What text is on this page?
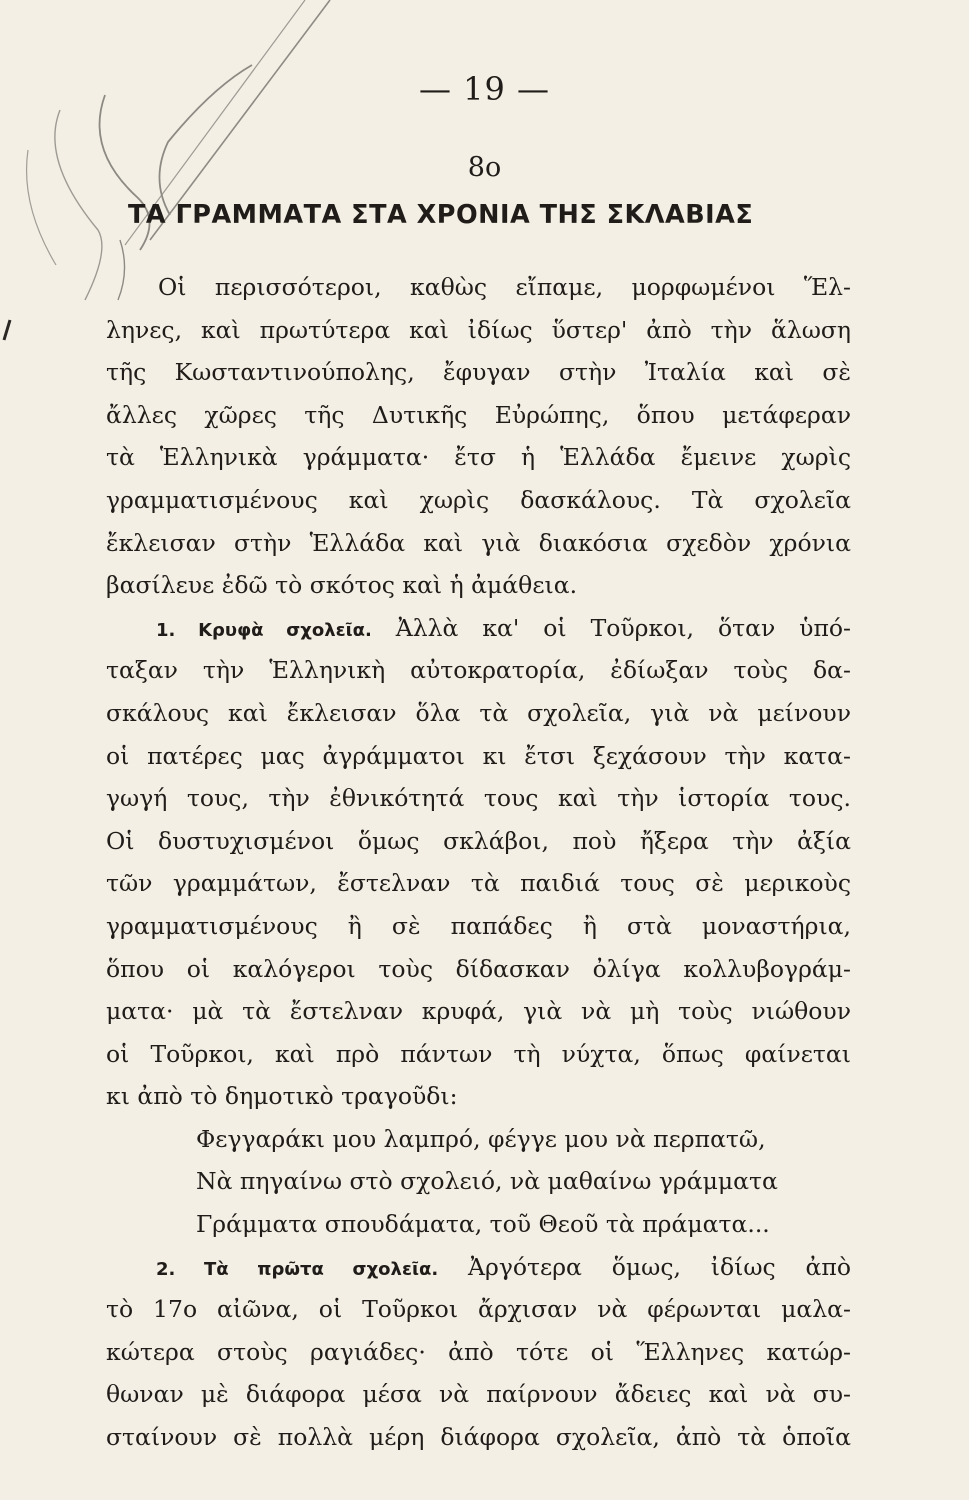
— 19 —
8ο
ΤΑ ΓΡΑΜΜΑΤΑ ΣΤΑ ΧΡΟΝΙΑ ΤΗΣ ΣΚΛΑΒΙΑΣ
Οἱ περισσότεροι, καθὼς εἴπαμε, μορφωμένοι Ἕλ-
ληνες, καὶ πρωτύτερα καὶ ἰδίως ὕστερ' ἀπὸ τὴν ἅλωση
τῆς Κωσταντινούπολης, ἔφυγαν στὴν Ἰταλία καὶ σὲ
ἄλλες χῶρες τῆς Δυτικῆς Εὐρώπης, ὅπου μετάφεραν
τὰ Ἑλληνικὰ γράμματα· ἔτσ ἡ Ἑλλάδα ἔμεινε χωρὶς
γραμματισμένους καὶ χωρὶς δασκάλους. Τὰ σχολεῖα
ἔκλεισαν στὴν Ἑλλάδα καὶ γιὰ διακόσια σχεδὸν χρόνια
βασίλευε ἐδῶ τὸ σκότος καὶ ἡ ἀμάθεια.
1. Κρυφὰ σχολεῖα. Ἀλλὰ κα' οἱ Τοῦρκοι, ὅταν ὑπό-
ταξαν τὴν Ἑλληνικὴ αὐτοκρατορία, ἐδίωξαν τοὺς δα-
σκάλους καὶ ἔκλεισαν ὅλα τὰ σχολεῖα, γιὰ νὰ μείνουν
οἱ πατέρες μας ἀγράμματοι κι ἔτσι ξεχάσουν τὴν κατα-
γωγή τους, τὴν ἐθνικότητά τους καὶ τὴν ἱστορία τους.
Οἱ δυστυχισμένοι ὅμως σκλάβοι, ποὺ ἤξερα τὴν ἀξία
τῶν γραμμάτων, ἔστελναν τὰ παιδιά τους σὲ μερικοὺς
γραμματισμένους ἢ σὲ παπάδες ἢ στὰ μοναστήρια,
ὅπου οἱ καλόγεροι τοὺς δίδασκαν ὀλίγα κολλυβογράμ-
ματα· μὰ τὰ ἔστελναν κρυφά, γιὰ νὰ μὴ τοὺς νιώθουν
οἱ Τοῦρκοι, καὶ πρὸ πάντων τὴ νύχτα, ὅπως φαίνεται
κι ἀπὸ τὸ δημοτικὸ τραγοῦδι:
Φεγγαράκι μου λαμπρό, φέγγε μου νὰ περπατῶ,
Νὰ πηγαίνω στὸ σχολειό, νὰ μαθαίνω γράμματα
Γράμματα σπουδάματα, τοῦ Θεοῦ τὰ πράματα...
2. Τὰ πρῶτα σχολεῖα. Ἀργότερα ὅμως, ἰδίως ἀπὸ
τὸ 17ο αἰῶνα, οἱ Τοῦρκοι ἄρχισαν νὰ φέρωνται μαλα-
κώτερα στοὺς ραγιάδες· ἀπὸ τότε οἱ Ἕλληνες κατώρ-
θωναν μὲ διάφορα μέσα νὰ παίρνουν ἄδειες καὶ νὰ συ-
σταίνουν σὲ πολλὰ μέρη διάφορα σχολεῖα, ἀπὸ τὰ ὁποῖα
